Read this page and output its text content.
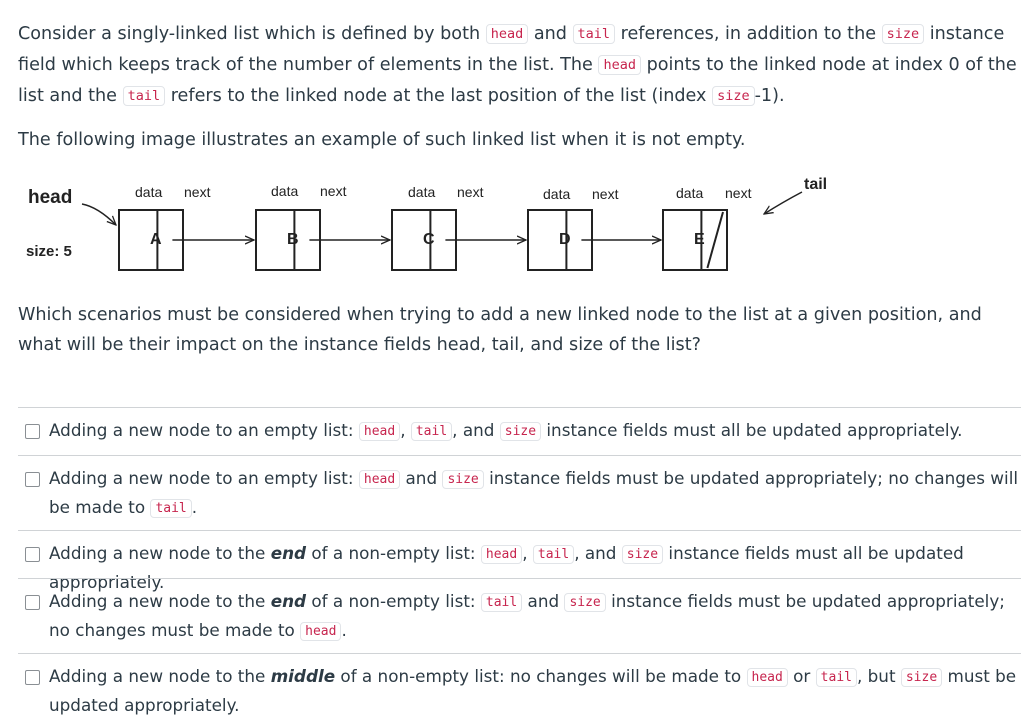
Consider a singly-linked list which is defined by both head and tail references, in addition to the size instance field which keeps track of the number of elements in the list. The head points to the linked node at index 0 of the list and the tail refers to the linked node at the last position of the list (index size -1).
The following image illustrates an example of such linked list when it is not empty.
head
size: 5
tail
A
data next
B
data next
C
data next
D
data next
E
data next
Which scenarios must be considered when trying to add a new linked node to the list at a given position, and what will be their impact on the instance fields head, tail, and size of the list?
Adding a new node to an empty list: head , tail , and size instance fields must all be updated appropriately.
Adding a new node to an empty list: head and size instance fields must be updated appropriately; no changes will be made to tail .
Adding a new node to the end of a non-empty list: head , tail , and size instance fields must all be updated appropriately.
Adding a new node to the end of a non-empty list: tail and size instance fields must be updated appropriately; no changes must be made to head .
Adding a new node to the middle of a non-empty list: no changes will be made to head or tail , but size must be updated appropriately.
